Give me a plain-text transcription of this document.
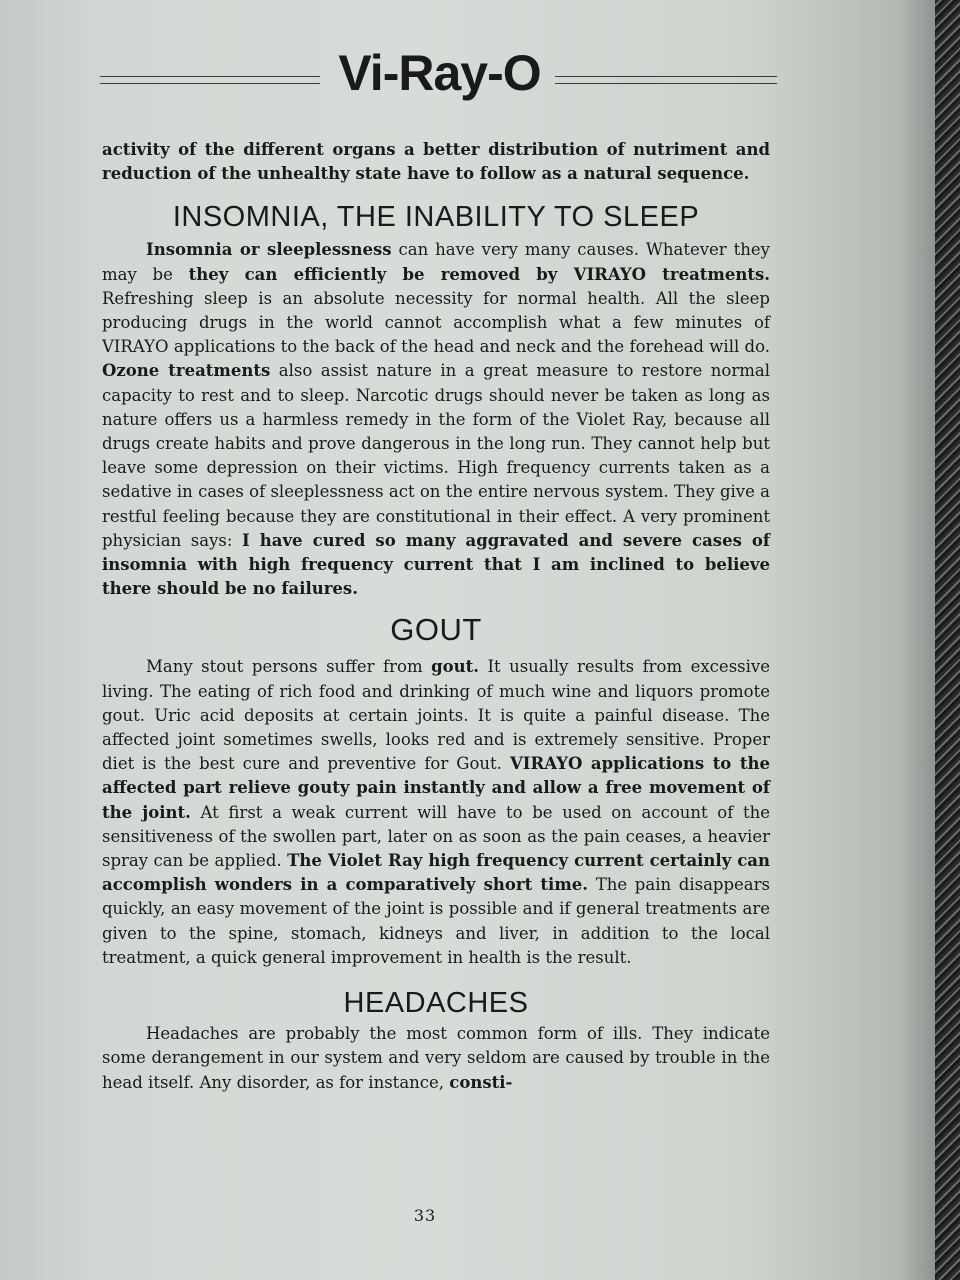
Vi-Ray-O

activity of the different organs a better distribution of nutriment and reduction of the unhealthy state have to follow as a natural sequence.

INSOMNIA, THE INABILITY TO SLEEP

Insomnia or sleeplessness can have very many causes. Whatever they may be they can efficiently be removed by VIRAYO treatments. Refreshing sleep is an absolute necessity for normal health. All the sleep producing drugs in the world cannot accomplish what a few minutes of VIRAYO applications to the back of the head and neck and the forehead will do. Ozone treatments also assist nature in a great measure to restore normal capacity to rest and to sleep. Narcotic drugs should never be taken as long as nature offers us a harmless remedy in the form of the Violet Ray, because all drugs create habits and prove dangerous in the long run. They cannot help but leave some depression on their victims. High frequency currents taken as a sedative in cases of sleeplessness act on the entire nervous system. They give a restful feeling because they are constitutional in their effect. A very prominent physician says: I have cured so many aggravated and severe cases of insomnia with high frequency current that I am inclined to believe there should be no failures.

GOUT

Many stout persons suffer from gout. It usually results from excessive living. The eating of rich food and drinking of much wine and liquors promote gout. Uric acid deposits at certain joints. It is quite a painful disease. The affected joint sometimes swells, looks red and is extremely sensitive. Proper diet is the best cure and preventive for Gout. VIRAYO applications to the affected part relieve gouty pain instantly and allow a free movement of the joint. At first a weak current will have to be used on account of the sensitiveness of the swollen part, later on as soon as the pain ceases, a heavier spray can be applied. The Violet Ray high frequency current certainly can accomplish wonders in a comparatively short time. The pain disappears quickly, an easy movement of the joint is possible and if general treatments are given to the spine, stomach, kidneys and liver, in addition to the local treatment, a quick general improvement in health is the result.

HEADACHES

Headaches are probably the most common form of ills. They indicate some derangement in our system and very seldom are caused by trouble in the head itself. Any disorder, as for instance, consti-

33
